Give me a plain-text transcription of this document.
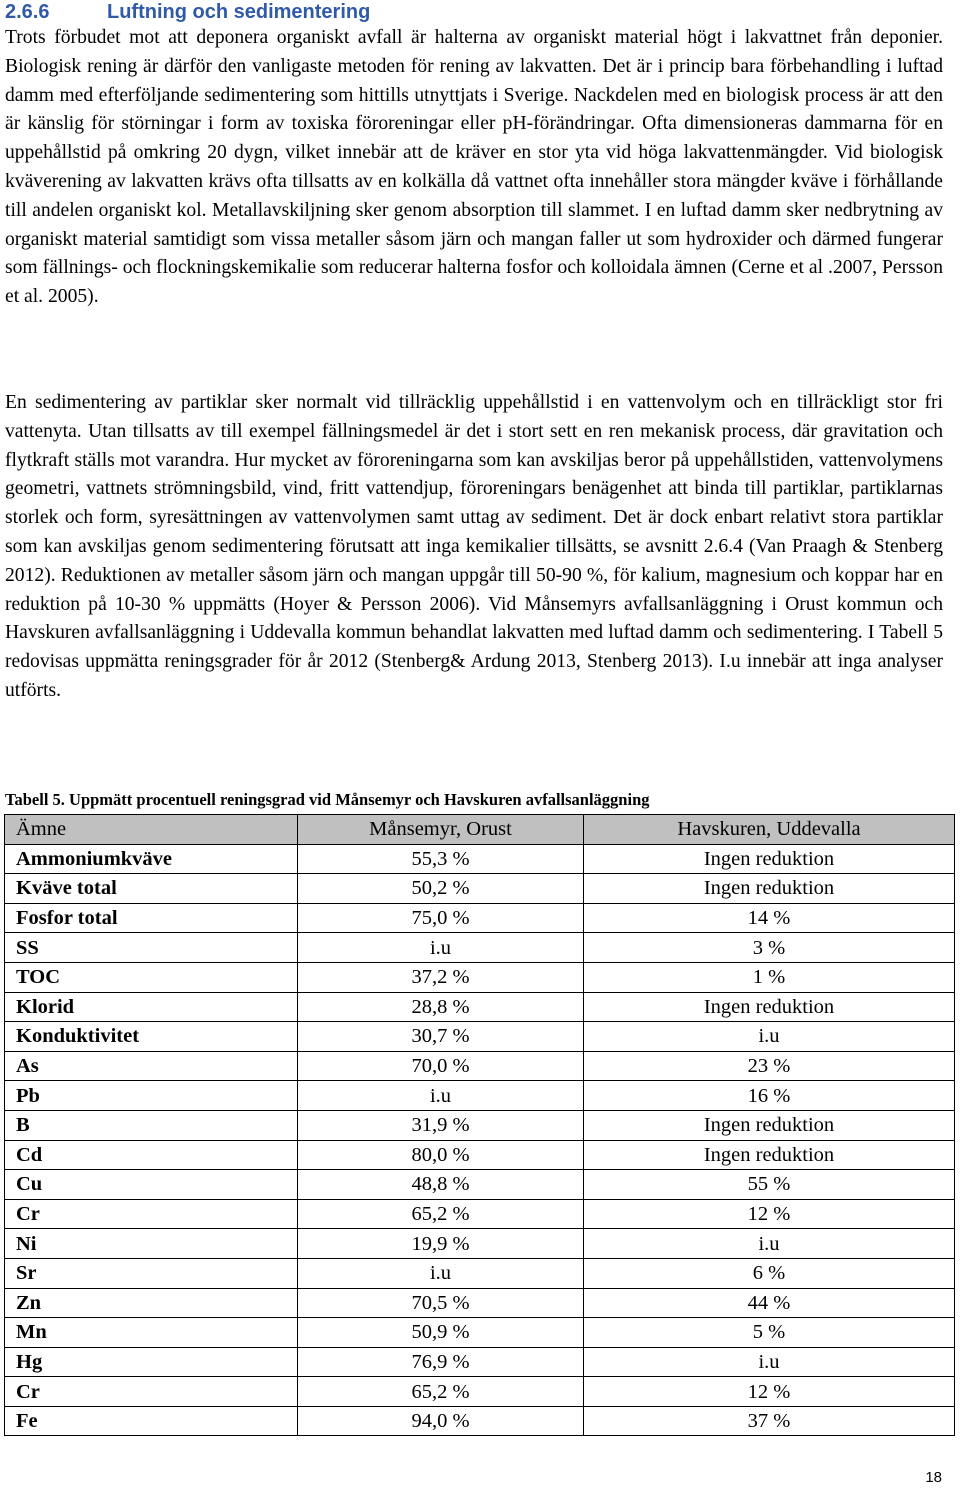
2.6.6	Luftning och sedimentering

Trots förbudet mot att deponera organiskt avfall är halterna av organiskt material högt i lakvattnet från deponier. Biologisk rening är därför den vanligaste metoden för rening av lakvatten. Det är i princip bara förbehandling i luftad damm med efterföljande sedimentering som hittills utnyttjats i Sverige. Nackdelen med en biologisk process är att den är känslig för störningar i form av toxiska föroreningar eller pH-förändringar. Ofta dimensioneras dammarna för en uppehållstid på omkring 20 dygn, vilket innebär att de kräver en stor yta vid höga lakvattenmängder. Vid biologisk kväverening av lakvatten krävs ofta tillsatts av en kolkälla då vattnet ofta innehåller stora mängder kväve i förhållande till andelen organiskt kol. Metallavskiljning sker genom absorption till slammet. I en luftad damm sker nedbrytning av organiskt material samtidigt som vissa metaller såsom järn och mangan faller ut som hydroxider och därmed fungerar som fällnings- och flockningskemikalie som reducerar halterna fosfor och kolloidala ämnen (Cerne et al .2007, Persson et al. 2005).

En sedimentering av partiklar sker normalt vid tillräcklig uppehållstid i en vattenvolym och en tillräckligt stor fri vattenyta. Utan tillsatts av till exempel fällningsmedel är det i stort sett en ren mekanisk process, där gravitation och flytkraft ställs mot varandra. Hur mycket av föroreningarna som kan avskiljas beror på uppehållstiden, vattenvolymens geometri, vattnets strömningsbild, vind, fritt vattendjup, föroreningars benägenhet att binda till partiklar, partiklarnas storlek och form, syresättningen av vattenvolymen samt uttag av sediment. Det är dock enbart relativt stora partiklar som kan avskiljas genom sedimentering förutsatt att inga kemikalier tillsätts, se avsnitt 2.6.4 (Van Praagh & Stenberg 2012). Reduktionen av metaller såsom järn och mangan uppgår till 50-90 %, för kalium, magnesium och koppar har en reduktion på 10-30 % uppmätts (Hoyer & Persson 2006). Vid Månsemyrs avfallsanläggning i Orust kommun och Havskuren avfallsanläggning i Uddevalla kommun behandlat lakvatten med luftad damm och sedimentering. I Tabell 5 redovisas uppmätta reningsgrader för år 2012 (Stenberg& Ardung 2013, Stenberg 2013). I.u innebär att inga analyser utförts.

Tabell 5. Uppmätt procentuell reningsgrad vid Månsemyr och Havskuren avfallsanläggning

Ämne	Månsemyr, Orust	Havskuren, Uddevalla
Ammoniumkväve	55,3 %	Ingen reduktion
Kväve total	50,2 %	Ingen reduktion
Fosfor total	75,0 %	14 %
SS	i.u	3 %
TOC	37,2 %	1 %
Klorid	28,8 %	Ingen reduktion
Konduktivitet	30,7 %	i.u
As	70,0 %	23 %
Pb	i.u	16 %
B	31,9 %	Ingen reduktion
Cd	80,0 %	Ingen reduktion
Cu	48,8 %	55 %
Cr	65,2 %	12 %
Ni	19,9 %	i.u
Sr	i.u	6 %
Zn	70,5 %	44 %
Mn	50,9 %	5 %
Hg	76,9 %	i.u
Cr	65,2 %	12 %
Fe	94,0 %	37 %
18
